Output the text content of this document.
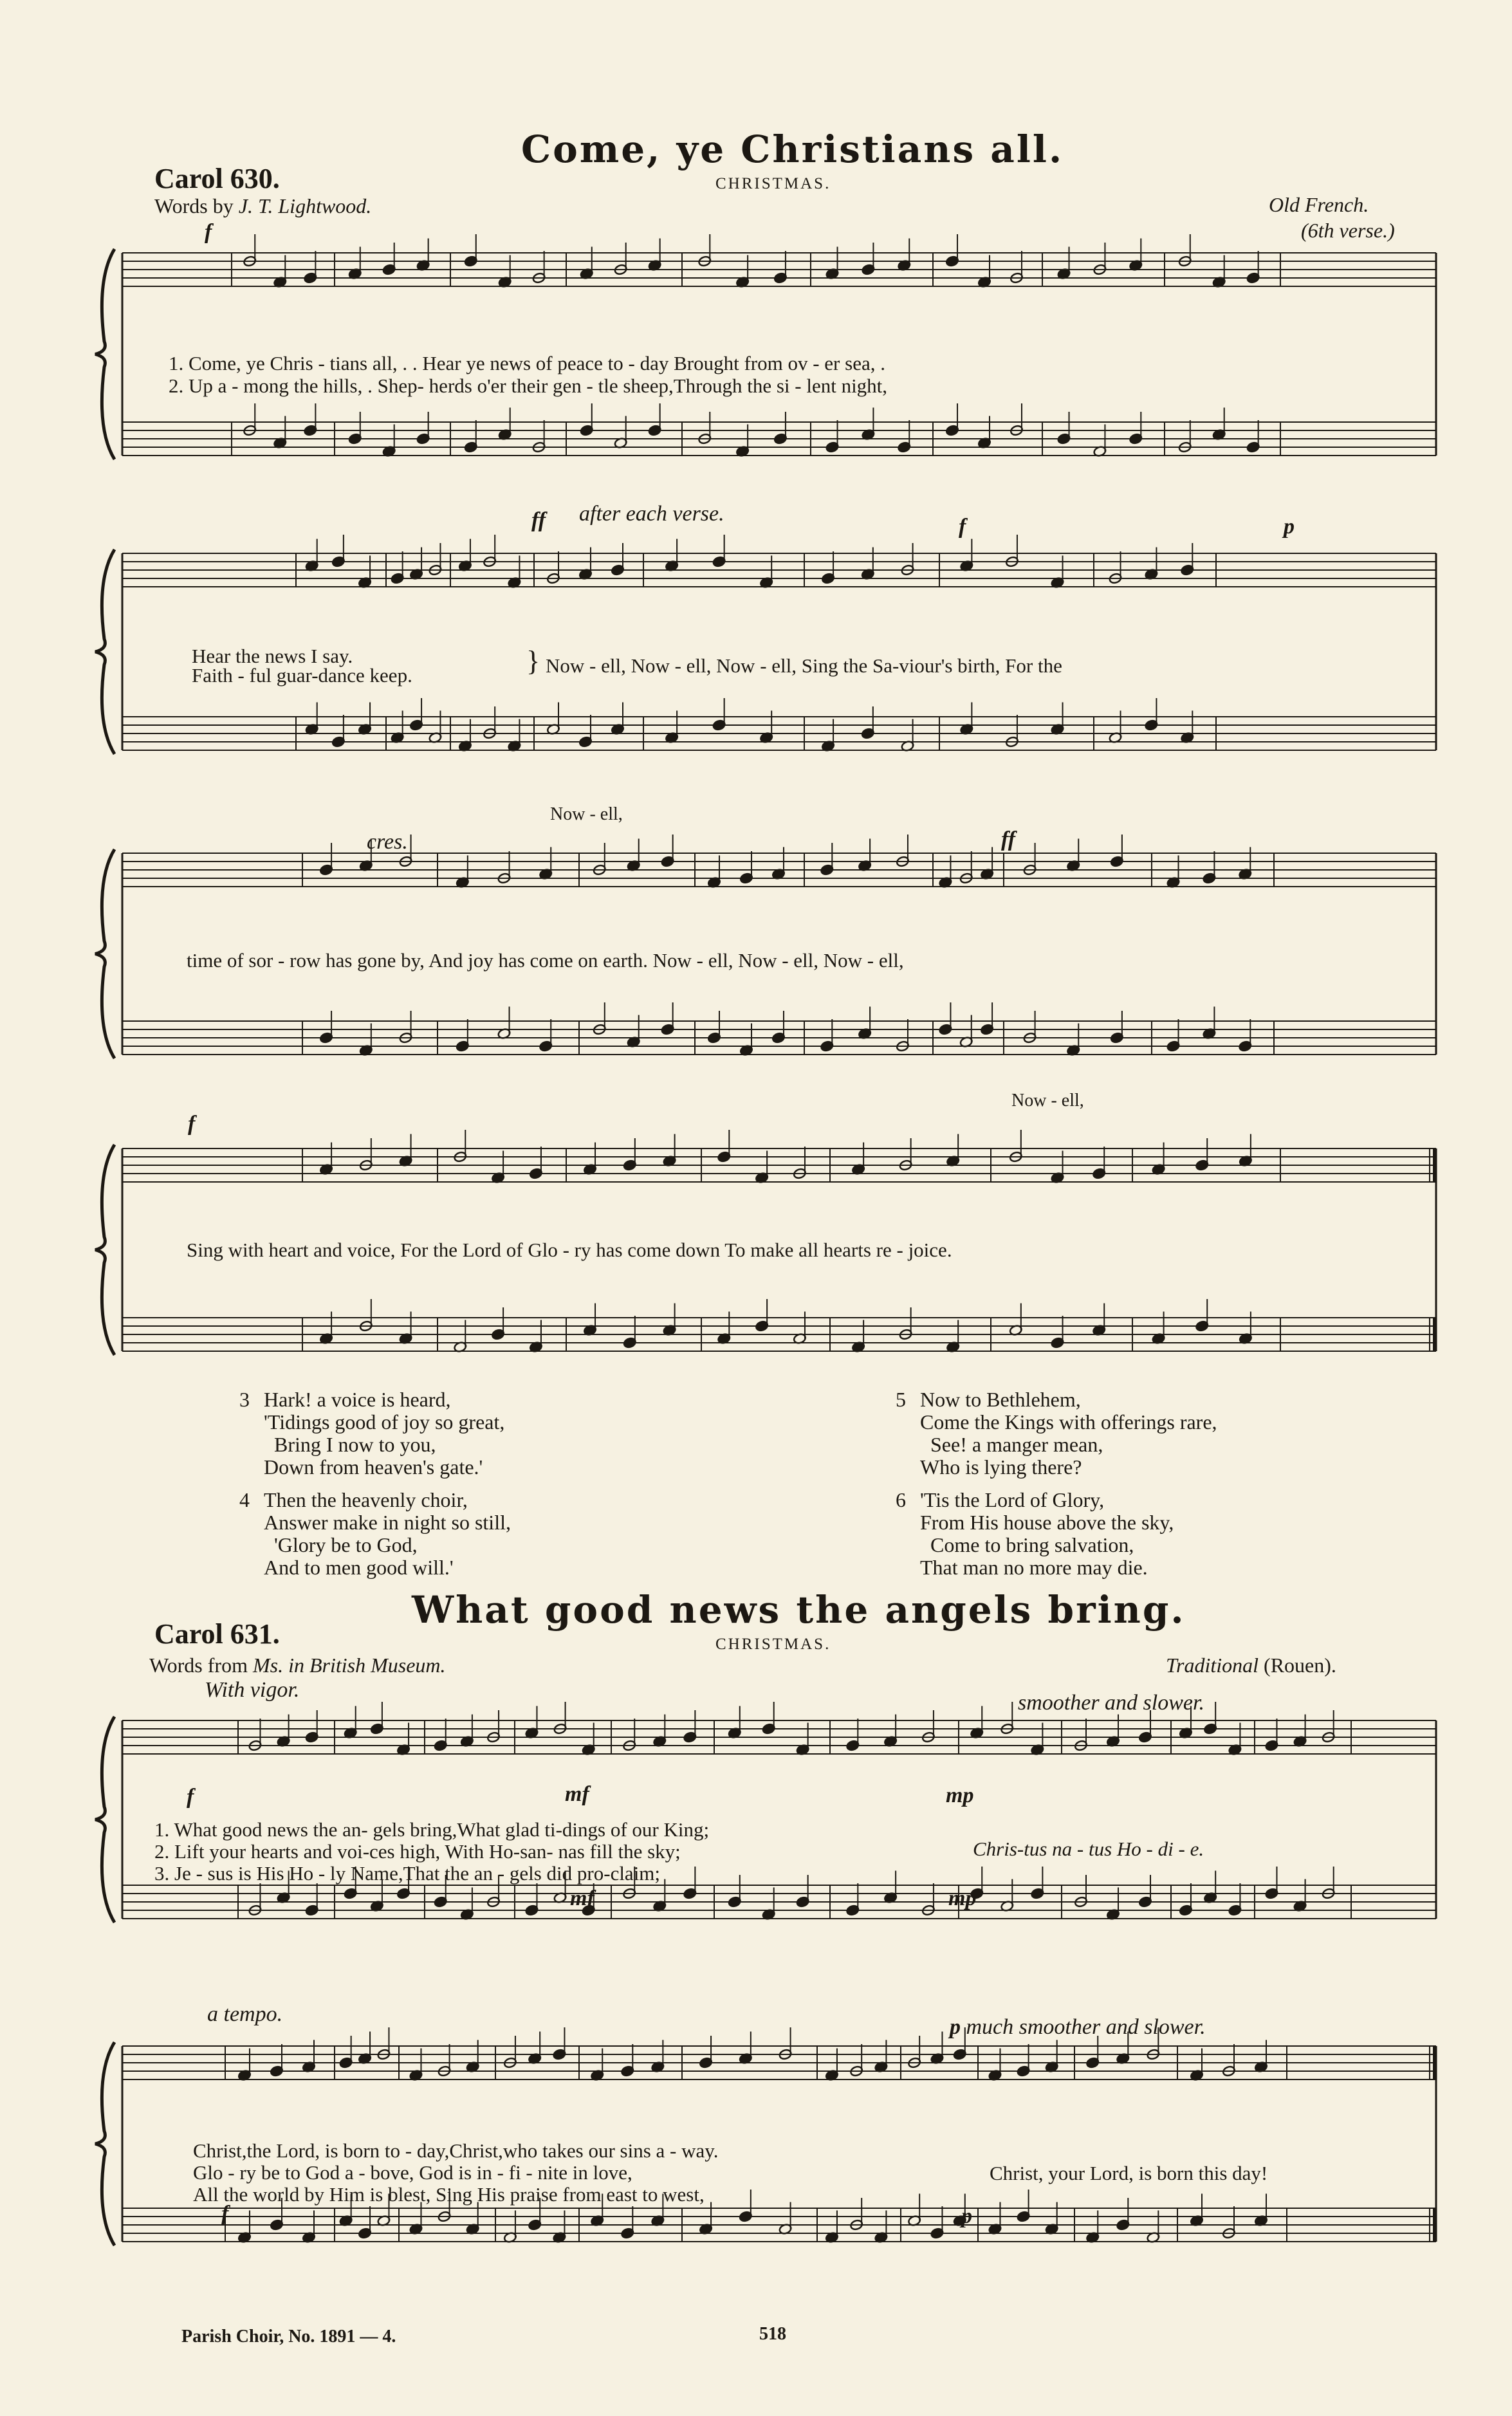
Come, ye Christians all.
Carol 630.	CHRISTMAS.
Words by J. T. Lightwood.	Old French.
(6th verse.)
f
1. Come, ye Chris - tians all, . . Hear ye news of peace to - day Brought from ov - er sea, .
2. Up a - mong the hills, . Shep- herds o'er their gen - tle sheep,Through the si - lent night,
ff after each verse.
f	p
Hear the news I say.
Faith - ful guar-dance keep.	} Now - ell, Now - ell, Now - ell, Sing the Sa-viour's birth, For the
Now - ell,
cres.	ff
time of sor - row has gone by, And joy has come on earth. Now - ell, Now - ell, Now - ell,
Now - ell,
f
Sing with heart and voice, For the Lord of Glo - ry has come down To make all hearts re - joice.
3 Hark! a voice is heard,
'Tidings good of joy so great,
Bring I now to you,
Down from heaven's gate.'
4 Then the heavenly choir,
Answer make in night so still,
'Glory be to God,
And to men good will.'
5 Now to Bethlehem,
Come the Kings with offerings rare,
See! a manger mean,
Who is lying there?
6 'Tis the Lord of Glory,
From His house above the sky,
Come to bring salvation,
That man no more may die.
What good news the angels bring.
Carol 631.	CHRISTMAS.
Words from Ms. in British Museum.	Traditional (Rouen).
With vigor.
smoother and slower.
f	mf	mp
1. What good news the an- gels bring,What glad ti-dings of our King;
2. Lift your hearts and voi-ces high, With Ho-san- nas fill the sky;
3. Je - sus is His Ho - ly Name,That the an - gels did pro-claim;
Chris-tus na - tus Ho - di - e.
mf	mp
a tempo.
p much smoother and slower.
Christ,the Lord, is born to - day,Christ,who takes our sins a - way.
Glo - ry be to God a - bove, God is in - fi - nite in love,
All the world by Him is blest, Sing His praise from east to west,
Christ, your Lord, is born this day!
f	p
Parish Choir, No. 1891 — 4.	518
